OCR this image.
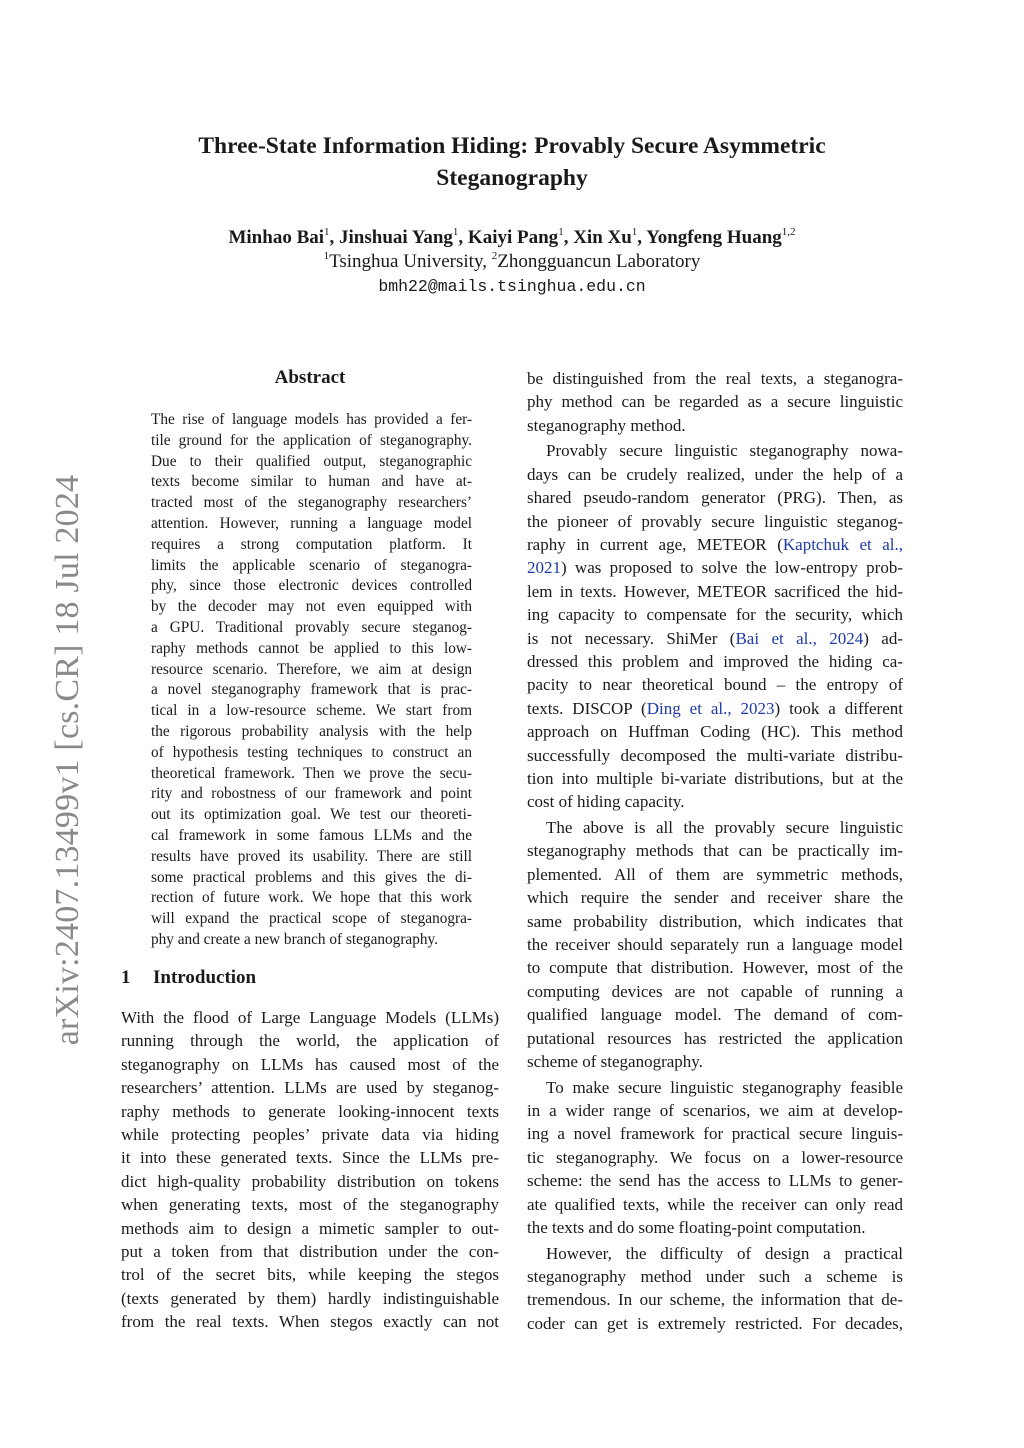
Three-State Information Hiding: Provably Secure Asymmetric
Steganography
Minhao Bai$^1$, Jinshuai Yang$^1$, Kaiyi Pang$^1$, Xin Xu$^1$, Yongfeng Huang$^{1,2}$
$^1$Tsinghua University, $^2$Zhongguancun Laboratory
bmh22@mails.tsinghua.edu.cn
arXiv:2407.13499v1 [cs.CR] 18 Jul 2024
Abstract
The rise of language models has provided a fer-
tile ground for the application of steganography.
Due to their qualified output, steganographic
texts become similar to human and have at-
tracted most of the steganography researchers’
attention. However, running a language model
requires a strong computation platform. It
limits the applicable scenario of steganogra-
phy, since those electronic devices controlled
by the decoder may not even equipped with
a GPU. Traditional provably secure steganog-
raphy methods cannot be applied to this low-
resource scenario. Therefore, we aim at design
a novel steganography framework that is prac-
tical in a low-resource scheme. We start from
the rigorous probability analysis with the help
of hypothesis testing techniques to construct an
theoretical framework. Then we prove the secu-
rity and robostness of our framework and point
out its optimization goal. We test our theoreti-
cal framework in some famous LLMs and the
results have proved its usability. There are still
some practical problems and this gives the di-
rection of future work. We hope that this work
will expand the practical scope of steganogra-
phy and create a new branch of steganography.
1 Introduction
With the flood of Large Language Models (LLMs)
running through the world, the application of
steganography on LLMs has caused most of the
researchers’ attention. LLMs are used by steganog-
raphy methods to generate looking-innocent texts
while protecting peoples’ private data via hiding
it into these generated texts. Since the LLMs pre-
dict high-quality probability distribution on tokens
when generating texts, most of the steganography
methods aim to design a mimetic sampler to out-
put a token from that distribution under the con-
trol of the secret bits, while keeping the stegos
(texts generated by them) hardly indistinguishable
from the real texts. When stegos exactly can not
be distinguished from the real texts, a steganogra-
phy method can be regarded as a secure linguistic
steganography method.
Provably secure linguistic steganography nowa-
days can be crudely realized, under the help of a
shared pseudo-random generator (PRG). Then, as
the pioneer of provably secure linguistic steganog-
raphy in current age, METEOR (Kaptchuk et al.,
2021) was proposed to solve the low-entropy prob-
lem in texts. However, METEOR sacrificed the hid-
ing capacity to compensate for the security, which
is not necessary. ShiMer (Bai et al., 2024) ad-
dressed this problem and improved the hiding ca-
pacity to near theoretical bound – the entropy of
texts. DISCOP (Ding et al., 2023) took a different
approach on Huffman Coding (HC). This method
successfully decomposed the multi-variate distribu-
tion into multiple bi-variate distributions, but at the
cost of hiding capacity.
The above is all the provably secure linguistic
steganography methods that can be practically im-
plemented. All of them are symmetric methods,
which require the sender and receiver share the
same probability distribution, which indicates that
the receiver should separately run a language model
to compute that distribution. However, most of the
computing devices are not capable of running a
qualified language model. The demand of com-
putational resources has restricted the application
scheme of steganography.
To make secure linguistic steganography feasible
in a wider range of scenarios, we aim at develop-
ing a novel framework for practical secure linguis-
tic steganography. We focus on a lower-resource
scheme: the send has the access to LLMs to gener-
ate qualified texts, while the receiver can only read
the texts and do some floating-point computation.
However, the difficulty of design a practical
steganography method under such a scheme is
tremendous. In our scheme, the information that de-
coder can get is extremely restricted. For decades,
